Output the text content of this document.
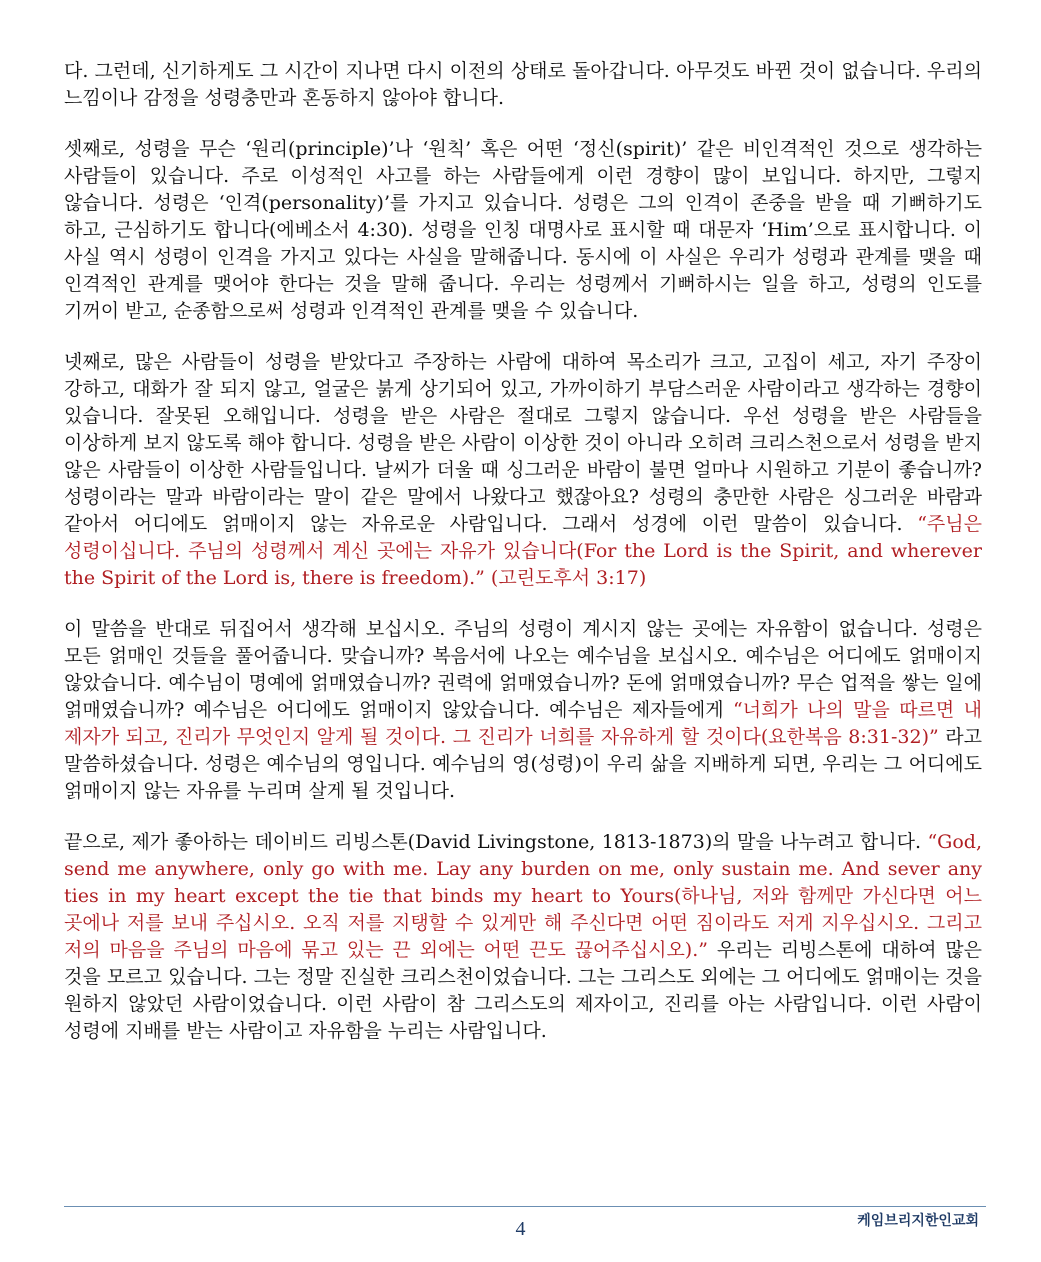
다. 그런데, 신기하게도 그 시간이 지나면 다시 이전의 상태로 돌아갑니다. 아무것도 바뀐 것이 없습니다. 우리의 느낌이나 감정을 성령충만과 혼동하지 않아야 합니다.

셋째로, 성령을 무슨 ‘원리(principle)’나 ‘원칙’ 혹은 어떤 ‘정신(spirit)’ 같은 비인격적인 것으로 생각하는 사람들이 있습니다. 주로 이성적인 사고를 하는 사람들에게 이런 경향이 많이 보입니다. 하지만, 그렇지 않습니다. 성령은 ‘인격(personality)’를 가지고 있습니다. 성령은 그의 인격이 존중을 받을 때 기뻐하기도 하고, 근심하기도 합니다(에베소서 4:30). 성령을 인칭 대명사로 표시할 때 대문자 ‘Him’으로 표시합니다. 이 사실 역시 성령이 인격을 가지고 있다는 사실을 말해줍니다. 동시에 이 사실은 우리가 성령과 관계를 맺을 때 인격적인 관계를 맺어야 한다는 것을 말해 줍니다. 우리는 성령께서 기뻐하시는 일을 하고, 성령의 인도를 기꺼이 받고, 순종함으로써 성령과 인격적인 관계를 맺을 수 있습니다.

넷째로, 많은 사람들이 성령을 받았다고 주장하는 사람에 대하여 목소리가 크고, 고집이 세고, 자기 주장이 강하고, 대화가 잘 되지 않고, 얼굴은 붉게 상기되어 있고, 가까이하기 부담스러운 사람이라고 생각하는 경향이 있습니다. 잘못된 오해입니다. 성령을 받은 사람은 절대로 그렇지 않습니다. 우선 성령을 받은 사람들을 이상하게 보지 않도록 해야 합니다. 성령을 받은 사람이 이상한 것이 아니라 오히려 크리스천으로서 성령을 받지 않은 사람들이 이상한 사람들입니다. 날씨가 더울 때 싱그러운 바람이 불면 얼마나 시원하고 기분이 좋습니까? 성령이라는 말과 바람이라는 말이 같은 말에서 나왔다고 했잖아요? 성령의 충만한 사람은 싱그러운 바람과 같아서 어디에도 얽매이지 않는 자유로운 사람입니다. 그래서 성경에 이런 말씀이 있습니다. “주님은 성령이십니다. 주님의 성령께서 계신 곳에는 자유가 있습니다(For the Lord is the Spirit, and wherever the Spirit of the Lord is, there is freedom).” (고린도후서 3:17)

이 말씀을 반대로 뒤집어서 생각해 보십시오. 주님의 성령이 계시지 않는 곳에는 자유함이 없습니다. 성령은 모든 얽매인 것들을 풀어줍니다. 맞습니까? 복음서에 나오는 예수님을 보십시오. 예수님은 어디에도 얽매이지 않았습니다. 예수님이 명예에 얽매였습니까? 권력에 얽매였습니까? 돈에 얽매였습니까? 무슨 업적을 쌓는 일에 얽매였습니까? 예수님은 어디에도 얽매이지 않았습니다. 예수님은 제자들에게 “너희가 나의 말을 따르면 내 제자가 되고, 진리가 무엇인지 알게 될 것이다. 그 진리가 너희를 자유하게 할 것이다(요한복음 8:31-32)” 라고 말씀하셨습니다. 성령은 예수님의 영입니다. 예수님의 영(성령)이 우리 삶을 지배하게 되면, 우리는 그 어디에도 얽매이지 않는 자유를 누리며 살게 될 것입니다.

끝으로, 제가 좋아하는 데이비드 리빙스톤(David Livingstone, 1813-1873)의 말을 나누려고 합니다. “God, send me anywhere, only go with me. Lay any burden on me, only sustain me. And sever any ties in my heart except the tie that binds my heart to Yours(하나님, 저와 함께만 가신다면 어느 곳에나 저를 보내 주십시오. 오직 저를 지탱할 수 있게만 해 주신다면 어떤 짐이라도 저게 지우십시오. 그리고 저의 마음을 주님의 마음에 묶고 있는 끈 외에는 어떤 끈도 끊어주십시오).” 우리는 리빙스톤에 대하여 많은 것을 모르고 있습니다. 그는 정말 진실한 크리스천이었습니다. 그는 그리스도 외에는 그 어디에도 얽매이는 것을 원하지 않았던 사람이었습니다. 이런 사람이 참 그리스도의 제자이고, 진리를 아는 사람입니다. 이런 사람이 성령에 지배를 받는 사람이고 자유함을 누리는 사람입니다.

4	케임브리지한인교회
